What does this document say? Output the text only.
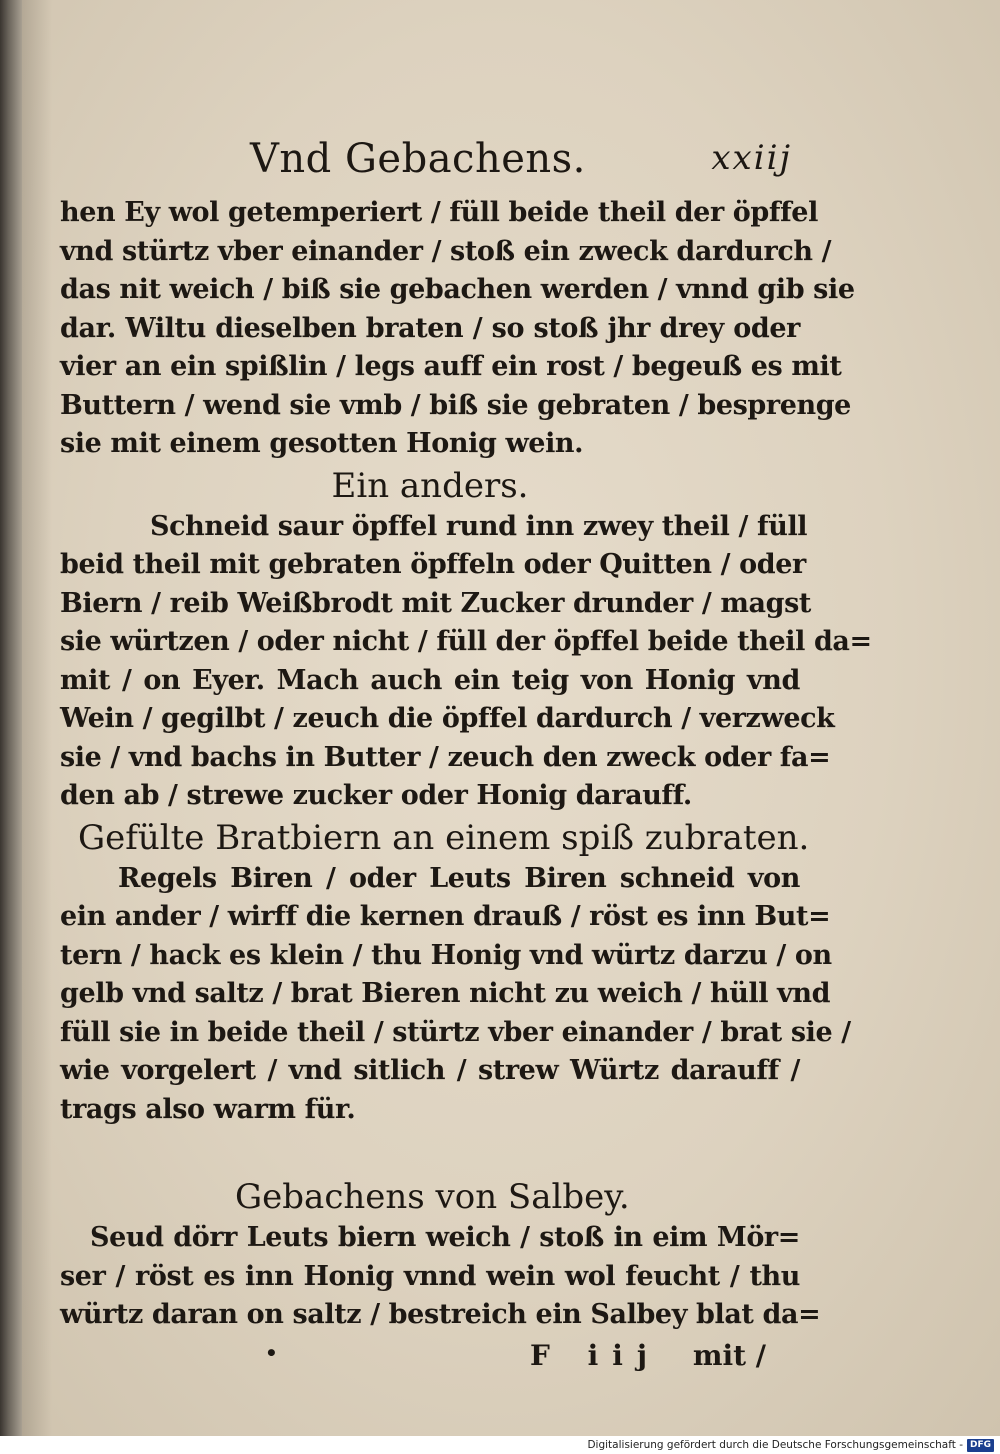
Vnd Gebachens.	xxiij
hen Ey wol getemperiert / füll beide theil der öpffel
vnd stürtz vber einander / stoß ein zweck dardurch /
das nit weich / biß sie gebachen werden / vnnd gib sie
dar. Wiltu dieselben braten / so stoß jhr drey oder
vier an ein spißlin / legs auff ein rost / begeuß es mit
Buttern / wend sie vmb / biß sie gebraten / besprenge
sie mit einem gesotten Honig wein.
Ein anders.
Schneid saur öpffel rund inn zwey theil / füll
beid theil mit gebraten öpffeln oder Quitten / oder
Biern / reib Weißbrodt mit Zucker drunder / magst
sie würtzen / oder nicht / füll der öpffel beide theil da=
mit / on Eyer. Mach auch ein teig von Honig vnd
Wein / gegilbt / zeuch die öpffel dardurch / verzweck
sie / vnd bachs in Butter / zeuch den zweck oder fa=
den ab / strewe zucker oder Honig darauff.
Gefülte Bratbiern an einem spiß zubraten.
Regels Biren / oder Leuts Biren schneid von
ein ander / wirff die kernen drauß / röst es inn But=
tern / hack es klein / thu Honig vnd würtz darzu / on
gelb vnd saltz / brat Bieren nicht zu weich / hüll vnd
füll sie in beide theil / stürtz vber einander / brat sie /
wie vorgelert / vnd sitlich / strew Würtz darauff /
trags also warm für.
Gebachens von Salbey.
Seud dörr Leuts biern weich / stoß in eim Mör=
ser / röst es inn Honig vnnd wein wol feucht / thu
würtz daran on saltz / bestreich ein Salbey blat da=
•	F iij mit /
Digitalisierung gefördert durch die Deutsche Forschungsgemeinschaft - DFG
